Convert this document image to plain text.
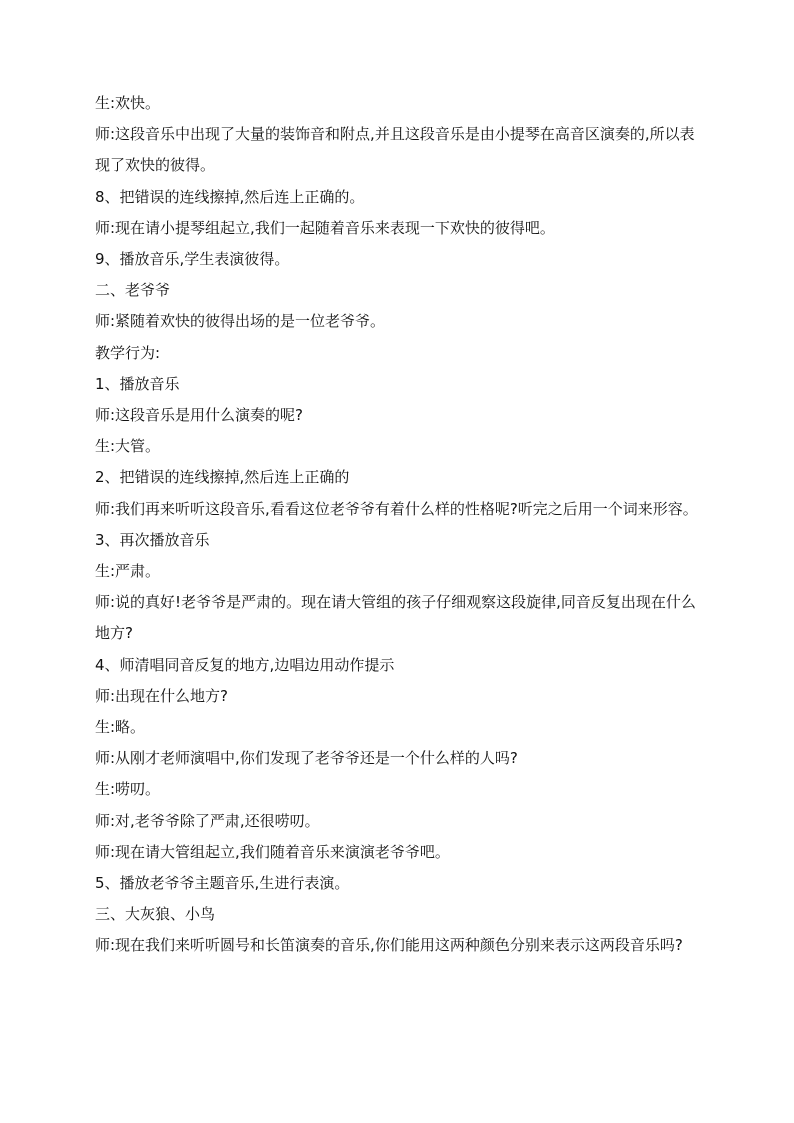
生:欢快。

师:这段音乐中出现了大量的装饰音和附点,并且这段音乐是由小提琴在高音区演奏的,所以表现了欢快的彼得。

8、把错误的连线擦掉,然后连上正确的。

师:现在请小提琴组起立,我们一起随着音乐来表现一下欢快的彼得吧。

9、播放音乐,学生表演彼得。

二、老爷爷

师:紧随着欢快的彼得出场的是一位老爷爷。

教学行为:

1、播放音乐

师:这段音乐是用什么演奏的呢?

生:大管。

2、把错误的连线擦掉,然后连上正确的

师:我们再来听听这段音乐,看看这位老爷爷有着什么样的性格呢?听完之后用一个词来形容。

3、再次播放音乐

生:严肃。

师:说的真好!老爷爷是严肃的。现在请大管组的孩子仔细观察这段旋律,同音反复出现在什么地方?

4、师清唱同音反复的地方,边唱边用动作提示

师:出现在什么地方?

生:略。

师:从刚才老师演唱中,你们发现了老爷爷还是一个什么样的人吗?

生:唠叨。

师:对,老爷爷除了严肃,还很唠叨。

师:现在请大管组起立,我们随着音乐来演演老爷爷吧。

5、播放老爷爷主题音乐,生进行表演。

三、大灰狼、小鸟

师:现在我们来听听圆号和长笛演奏的音乐,你们能用这两种颜色分别来表示这两段音乐吗?
